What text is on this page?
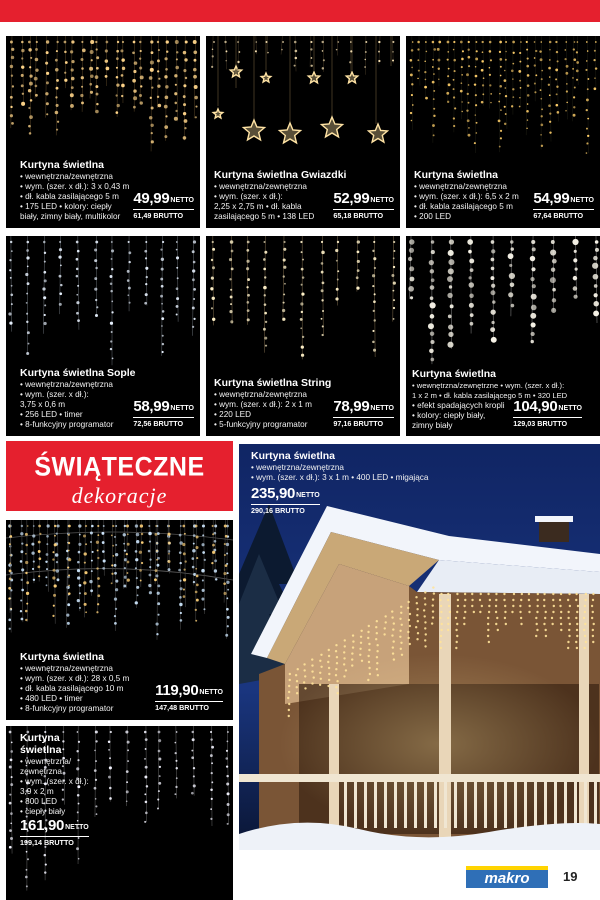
Kurtyna świetlna
• wewnętrzna/zewnętrzna
• wym. (szer. x dł.): 3 x 0,43 m
• dł. kabla zasilającego 5 m
• 175 LED • kolory: ciepły
biały, zimny biały, multikolor
49,99NETTO
61,49 BRUTTO
Kurtyna świetlna Gwiazdki
• wewnętrzna/zewnętrzna
• wym. (szer. x dł.):
2,25 x 2,75 m • dł. kabla
zasilającego 5 m • 138 LED
52,99NETTO
65,18 BRUTTO
Kurtyna świetlna
• wewnętrzna/zewnętrzna
• wym. (szer. x dł.): 6,5 x 2 m
• dł. kabla zasilającego 5 m
• 200 LED
54,99NETTO
67,64 BRUTTO
Kurtyna świetlna Sople
• wewnętrzna/zewnętrzna
• wym. (szer. x dł.):
3,75 x 0,6 m
• 256 LED • timer
• 8-funkcyjny programator
58,99NETTO
72,56 BRUTTO
Kurtyna świetlna String
• wewnętrzna/zewnętrzna
• wym. (szer. x dł.): 2 x 1 m
• 220 LED
• 5-funkcyjny programator
78,99NETTO
97,16 BRUTTO
Kurtyna świetlna
• wewnętrzna/zewnętrzne • wym. (szer. x dł.):
1 x 2 m • dł. kabla zasilającego 5 m • 320 LED
• efekt spadających kropli
• kolory: ciepły biały,
zimny biały
104,90NETTO
129,03 BRUTTO
ŚWIĄTECZNE
dekoracje
Kurtyna świetlna
• wewnętrzna/zewnętrzna
• wym. (szer. x dł.): 28 x 0,5 m
• dł. kabla zasilającego 10 m
• 480 LED • timer
• 8-funkcyjny programator
119,90NETTO
147,48 BRUTTO
Kurtyna świetlna
• wewnętrzna/
zewnętrzna
• wym. (szer. x dł.):
3,9 x 2 m
• 800 LED
• ciepły biały
161,90NETTO
199,14 BRUTTO
Kurtyna świetlna
• wewnętrzna/zewnętrzna
• wym. (szer. x dł.): 3 x 1 m • 400 LED • migająca
235,90NETTO
290,16 BRUTTO
makro	19
